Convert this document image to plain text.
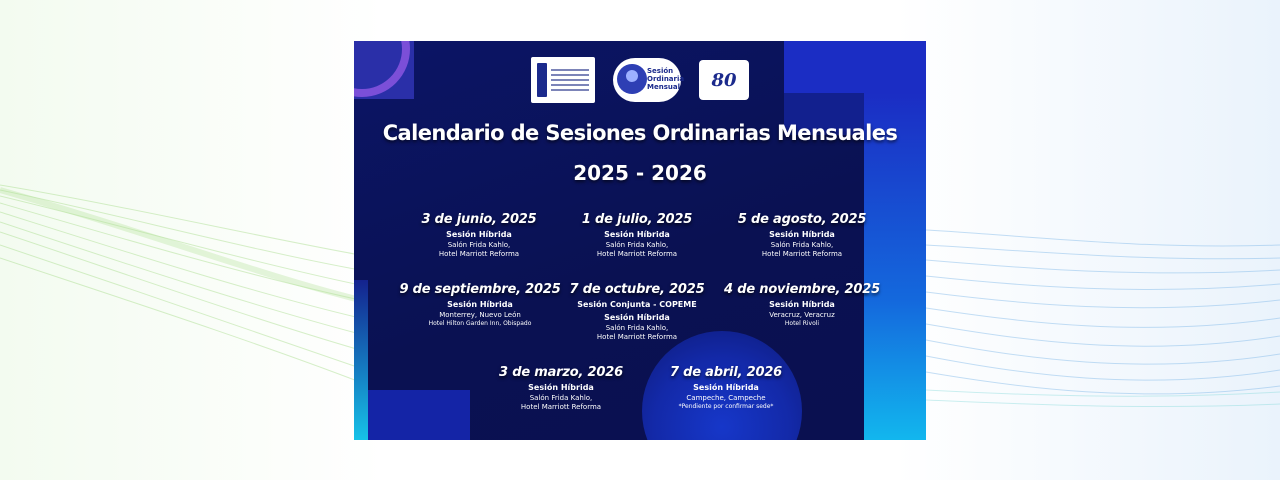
Sesión Ordinaria Mensual 80
Calendario de Sesiones Ordinarias Mensuales
2025 - 2026
3 de junio, 2025
Sesión Híbrida
Salón Frida Kahlo,
Hotel Marriott Reforma
1 de julio, 2025
Sesión Híbrida
Salón Frida Kahlo,
Hotel Marriott Reforma
5 de agosto, 2025
Sesión Híbrida
Salón Frida Kahlo,
Hotel Marriott Reforma
9 de septiembre, 2025
Sesión Híbrida
Monterrey, Nuevo León
Hotel Hilton Garden Inn, Obispado
7 de octubre, 2025
Sesión Conjunta - COPEME
Sesión Híbrida
Salón Frida Kahlo,
Hotel Marriott Reforma
4 de noviembre, 2025
Sesión Híbrida
Veracruz, Veracruz
Hotel Rivoli
3 de marzo, 2026
Sesión Híbrida
Salón Frida Kahlo,
Hotel Marriott Reforma
7 de abril, 2026
Sesión Híbrida
Campeche, Campeche
*Pendiente por confirmar sede*
